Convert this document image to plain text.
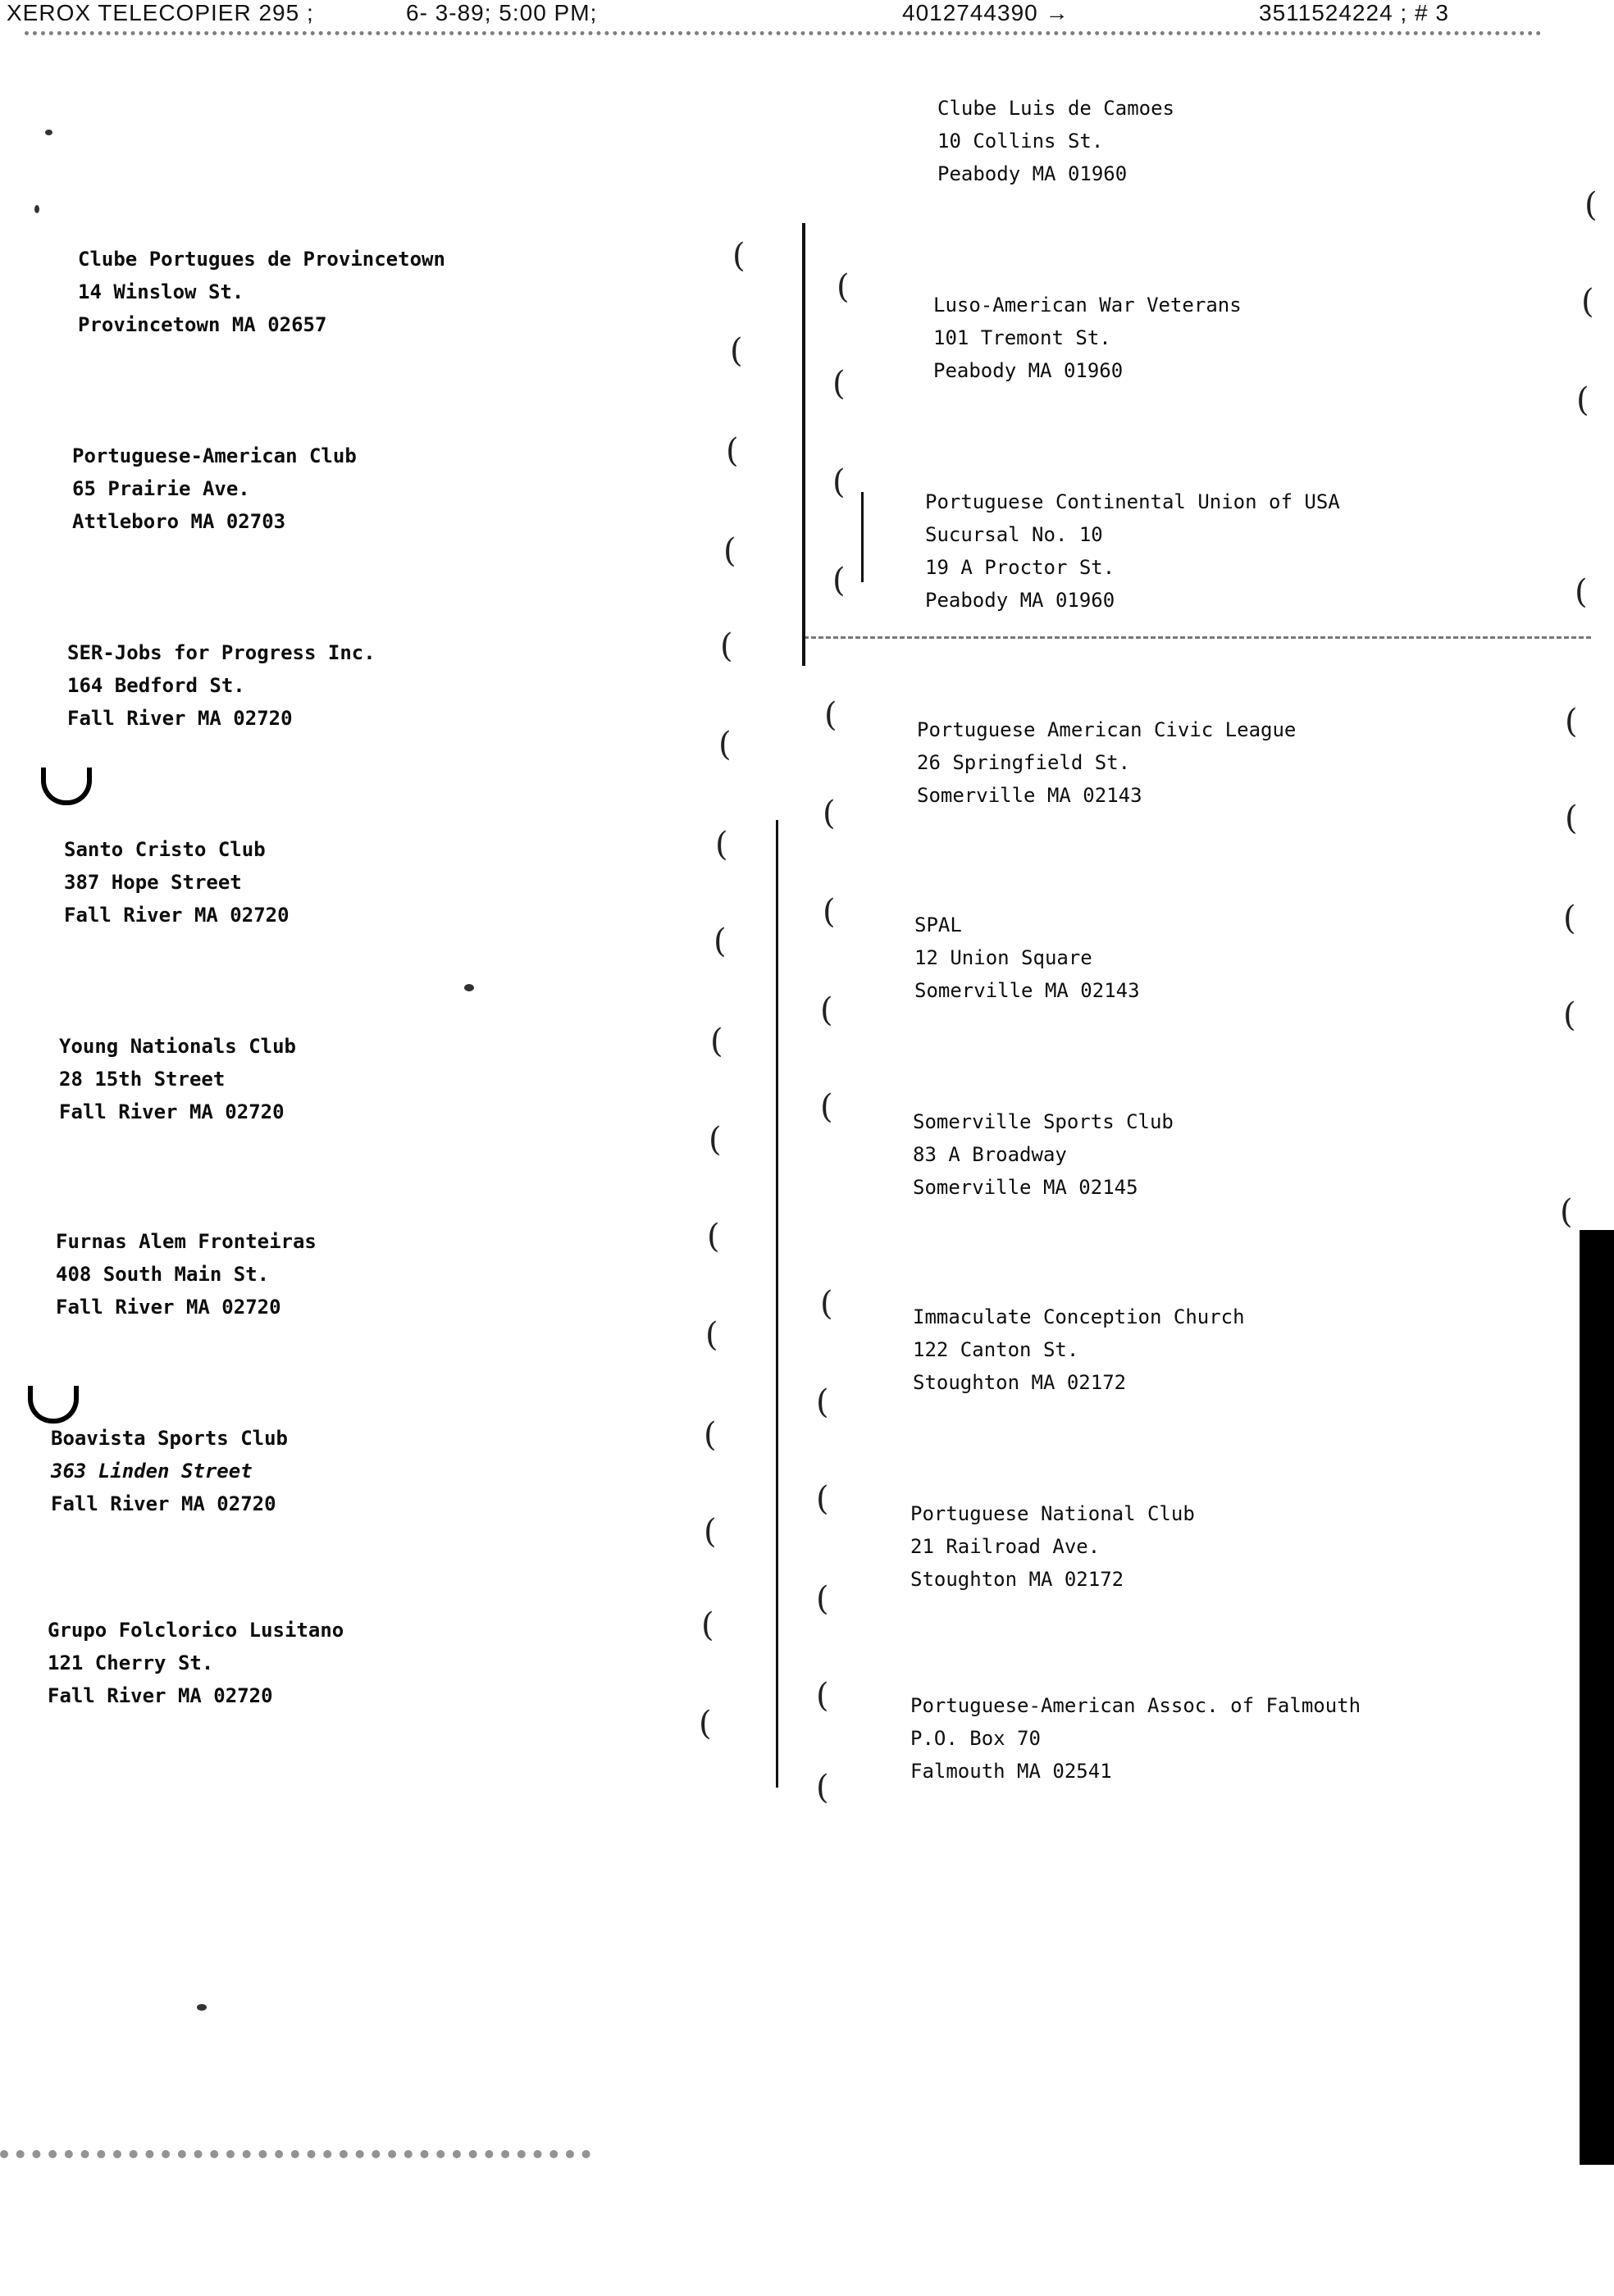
XEROX TELECOPIER 295 ;	6- 3-89; 5:00 PM;	4012744390 →	3511524224 ; # 3
Clube Portugues de Provincetown
14 Winslow St.
Provincetown MA 02657
Portuguese-American Club
65 Prairie Ave.
Attleboro MA 02703
SER-Jobs for Progress Inc.
164 Bedford St.
Fall River MA 02720
Santo Cristo Club
387 Hope Street
Fall River MA 02720
Young Nationals Club
28 15th Street
Fall River MA 02720
Furnas Alem Fronteiras
408 South Main St.
Fall River MA 02720
Boavista Sports Club
363 Linden Street
Fall River MA 02720
Grupo Folclorico Lusitano
121 Cherry St.
Fall River MA 02720
Clube Luis de Camoes
10 Collins St.
Peabody MA 01960
Luso-American War Veterans
101 Tremont St.
Peabody MA 01960
Portuguese Continental Union of USA
Sucursal No. 10
19 A Proctor St.
Peabody MA 01960
Portuguese American Civic League
26 Springfield St.
Somerville MA 02143
SPAL
12 Union Square
Somerville MA 02143
Somerville Sports Club
83 A Broadway
Somerville MA 02145
Immaculate Conception Church
122 Canton St.
Stoughton MA 02172
Portuguese National Club
21 Railroad Ave.
Stoughton MA 02172
Portuguese-American Assoc. of Falmouth
P.O. Box 70
Falmouth MA 02541
(
(
(
(
(
(
(
(
(
(
(
(
(
(
(
(
(
(
(
(
(
(
(
(
(
(
(
(
(
(
(
(
(
(
(
(
(
(
(
(
